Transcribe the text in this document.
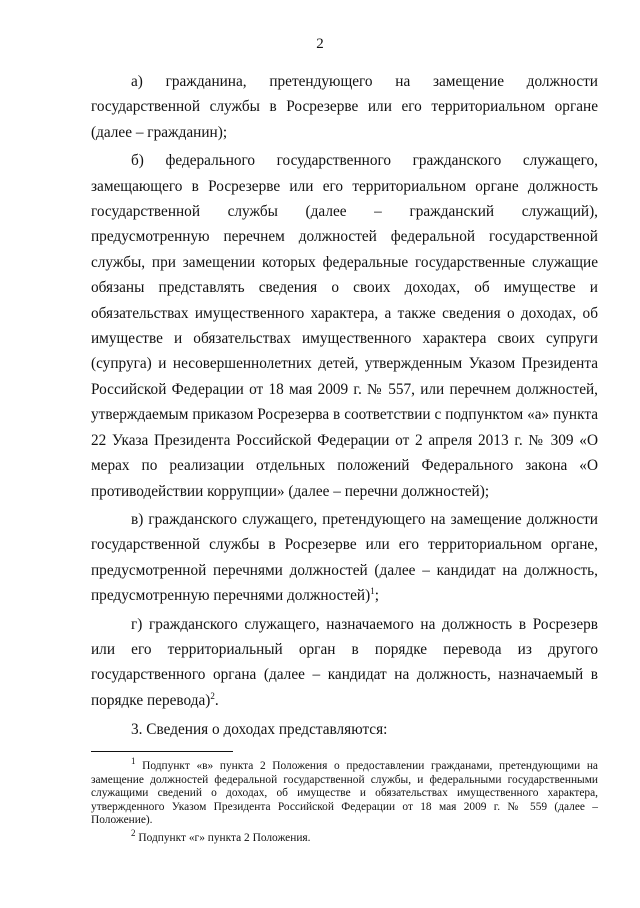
2

а) гражданина, претендующего на замещение должности государственной службы в Росрезерве или его территориальном органе (далее – гражданин);

б) федерального государственного гражданского служащего, замещающего в Росрезерве или его территориальном органе должность государственной службы (далее – гражданский служащий), предусмотренную перечнем должностей федеральной государственной службы, при замещении которых федеральные государственные служащие обязаны представлять сведения о своих доходах, об имуществе и обязательствах имущественного характера, а также сведения о доходах, об имуществе и обязательствах имущественного характера своих супруги (супруга) и несовершеннолетних детей, утвержденным Указом Президента Российской Федерации от 18 мая 2009 г. № 557, или перечнем должностей, утверждаемым приказом Росрезерва в соответствии с подпунктом «а» пункта 22 Указа Президента Российской Федерации от 2 апреля 2013 г. № 309 «О мерах по реализации отдельных положений Федерального закона «О противодействии коррупции» (далее – перечни должностей);

в) гражданского служащего, претендующего на замещение должности государственной службы в Росрезерве или его территориальном органе, предусмотренной перечнями должностей (далее – кандидат на должность, предусмотренную перечнями должностей)$^1$;

г) гражданского служащего, назначаемого на должность в Росрезерв или его территориальный орган в порядке перевода из другого государственного органа (далее – кандидат на должность, назначаемый в порядке перевода)$^2$.

3. Сведения о доходах представляются:

$^1$ Подпункт «в» пункта 2 Положения о предоставлении гражданами, претендующими на замещение должностей федеральной государственной службы, и федеральными государственными служащими сведений о доходах, об имуществе и обязательствах имущественного характера, утвержденного Указом Президента Российской Федерации от 18 мая 2009 г. № 559 (далее – Положение).

$^2$ Подпункт «г» пункта 2 Положения.
